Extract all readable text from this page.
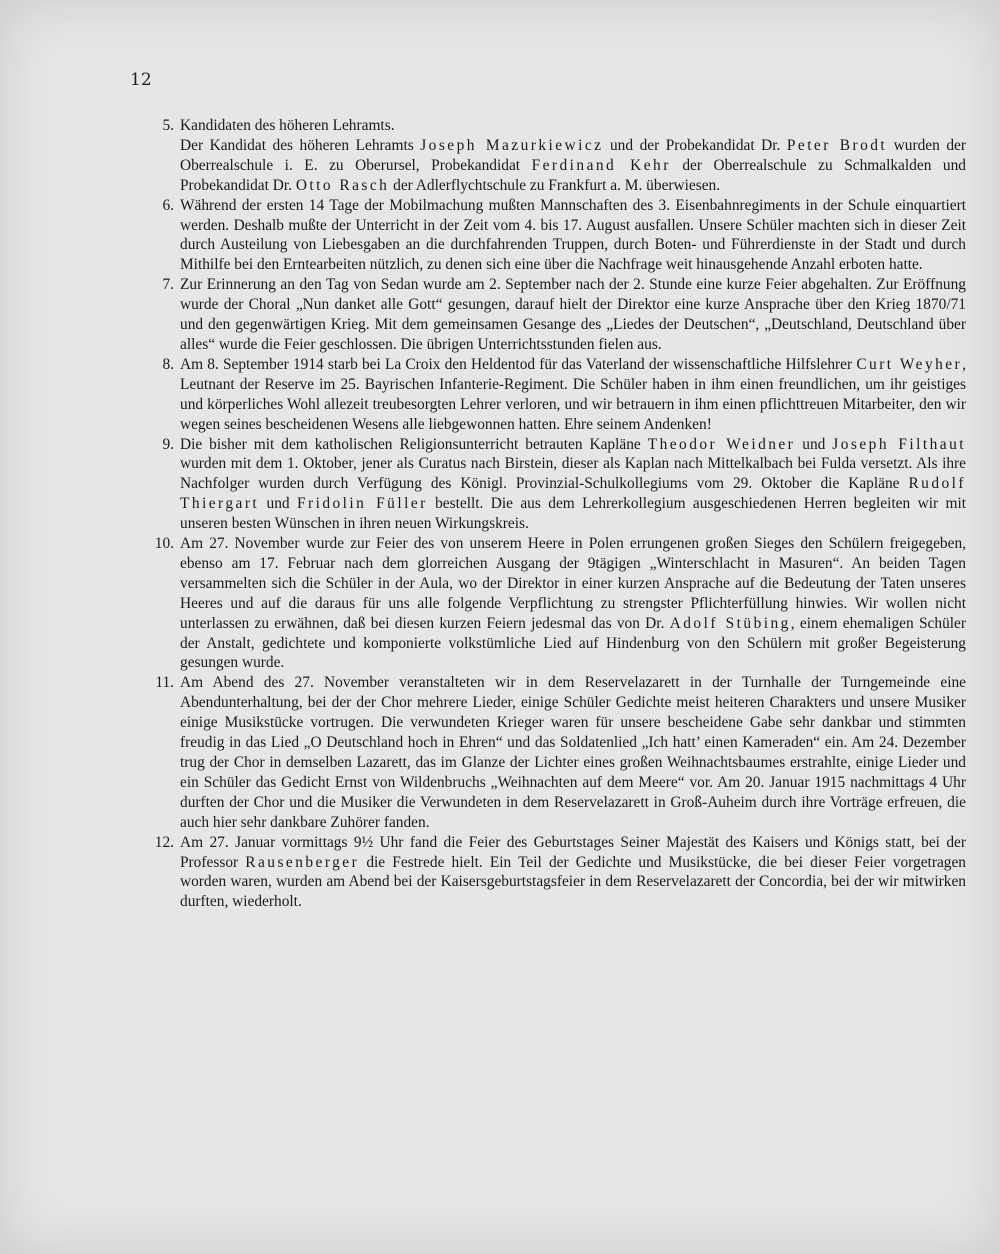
12
5. Kandidaten des höheren Lehramts.
Der Kandidat des höheren Lehramts Joseph Mazurkiewicz und der Probekandidat Dr. Peter Brodt wurden der Oberrealschule i. E. zu Oberursel, Probekandidat Ferdinand Kehr der Oberrealschule zu Schmalkalden und Probekandidat Dr. Otto Rasch der Adlerflychtschule zu Frankfurt a. M. überwiesen.
6. Während der ersten 14 Tage der Mobilmachung mußten Mannschaften des 3. Eisenbahnregiments in der Schule einquartiert werden. Deshalb mußte der Unterricht in der Zeit vom 4. bis 17. August ausfallen. Unsere Schüler machten sich in dieser Zeit durch Austeilung von Liebesgaben an die durchfahrenden Truppen, durch Boten- und Führerdienste in der Stadt und durch Mithilfe bei den Erntearbeiten nützlich, zu denen sich eine über die Nachfrage weit hinausgehende Anzahl erboten hatte.
7. Zur Erinnerung an den Tag von Sedan wurde am 2. September nach der 2. Stunde eine kurze Feier abgehalten. Zur Eröffnung wurde der Choral „Nun danket alle Gott“ gesungen, darauf hielt der Direktor eine kurze Ansprache über den Krieg 1870/71 und den gegenwärtigen Krieg. Mit dem gemeinsamen Gesange des „Liedes der Deutschen“, „Deutschland, Deutschland über alles“ wurde die Feier geschlossen. Die übrigen Unterrichtsstunden fielen aus.
8. Am 8. September 1914 starb bei La Croix den Heldentod für das Vaterland der wissenschaftliche Hilfslehrer Curt Weyher, Leutnant der Reserve im 25. Bayrischen Infanterie-Regiment. Die Schüler haben in ihm einen freundlichen, um ihr geistiges und körperliches Wohl allezeit treubesorgten Lehrer verloren, und wir betrauern in ihm einen pflichttreuen Mitarbeiter, den wir wegen seines bescheidenen Wesens alle liebgewonnen hatten. Ehre seinem Andenken!
9. Die bisher mit dem katholischen Religionsunterricht betrauten Kapläne Theodor Weidner und Joseph Filthaut wurden mit dem 1. Oktober, jener als Curatus nach Birstein, dieser als Kaplan nach Mittelkalbach bei Fulda versetzt. Als ihre Nachfolger wurden durch Verfügung des Königl. Provinzial-Schulkollegiums vom 29. Oktober die Kapläne Rudolf Thiergart und Fridolin Füller bestellt. Die aus dem Lehrerkollegium ausgeschiedenen Herren begleiten wir mit unseren besten Wünschen in ihren neuen Wirkungskreis.
10. Am 27. November wurde zur Feier des von unserem Heere in Polen errungenen großen Sieges den Schülern freigegeben, ebenso am 17. Februar nach dem glorreichen Ausgang der 9tägigen „Winterschlacht in Masuren“. An beiden Tagen versammelten sich die Schüler in der Aula, wo der Direktor in einer kurzen Ansprache auf die Bedeutung der Taten unseres Heeres und auf die daraus für uns alle folgende Verpflichtung zu strengster Pflichterfüllung hinwies. Wir wollen nicht unterlassen zu erwähnen, daß bei diesen kurzen Feiern jedesmal das von Dr. Adolf Stübing, einem ehemaligen Schüler der Anstalt, gedichtete und komponierte volkstümliche Lied auf Hindenburg von den Schülern mit großer Begeisterung gesungen wurde.
11. Am Abend des 27. November veranstalteten wir in dem Reservelazarett in der Turnhalle der Turngemeinde eine Abendunterhaltung, bei der der Chor mehrere Lieder, einige Schüler Gedichte meist heiteren Charakters und unsere Musiker einige Musikstücke vortrugen. Die verwundeten Krieger waren für unsere bescheidene Gabe sehr dankbar und stimmten freudig in das Lied „O Deutschland hoch in Ehren“ und das Soldatenlied „Ich hatt’ einen Kameraden“ ein. Am 24. Dezember trug der Chor in demselben Lazarett, das im Glanze der Lichter eines großen Weihnachtsbaumes erstrahlte, einige Lieder und ein Schüler das Gedicht Ernst von Wildenbruchs „Weihnachten auf dem Meere“ vor. Am 20. Januar 1915 nachmittags 4 Uhr durften der Chor und die Musiker die Verwundeten in dem Reservelazarett in Groß-Auheim durch ihre Vorträge erfreuen, die auch hier sehr dankbare Zuhörer fanden.
12. Am 27. Januar vormittags 9½ Uhr fand die Feier des Geburtstages Seiner Majestät des Kaisers und Königs statt, bei der Professor Rausenberger die Festrede hielt. Ein Teil der Gedichte und Musikstücke, die bei dieser Feier vorgetragen worden waren, wurden am Abend bei der Kaisersgeburtstagsfeier in dem Reservelazarett der Concordia, bei der wir mitwirken durften, wiederholt.
